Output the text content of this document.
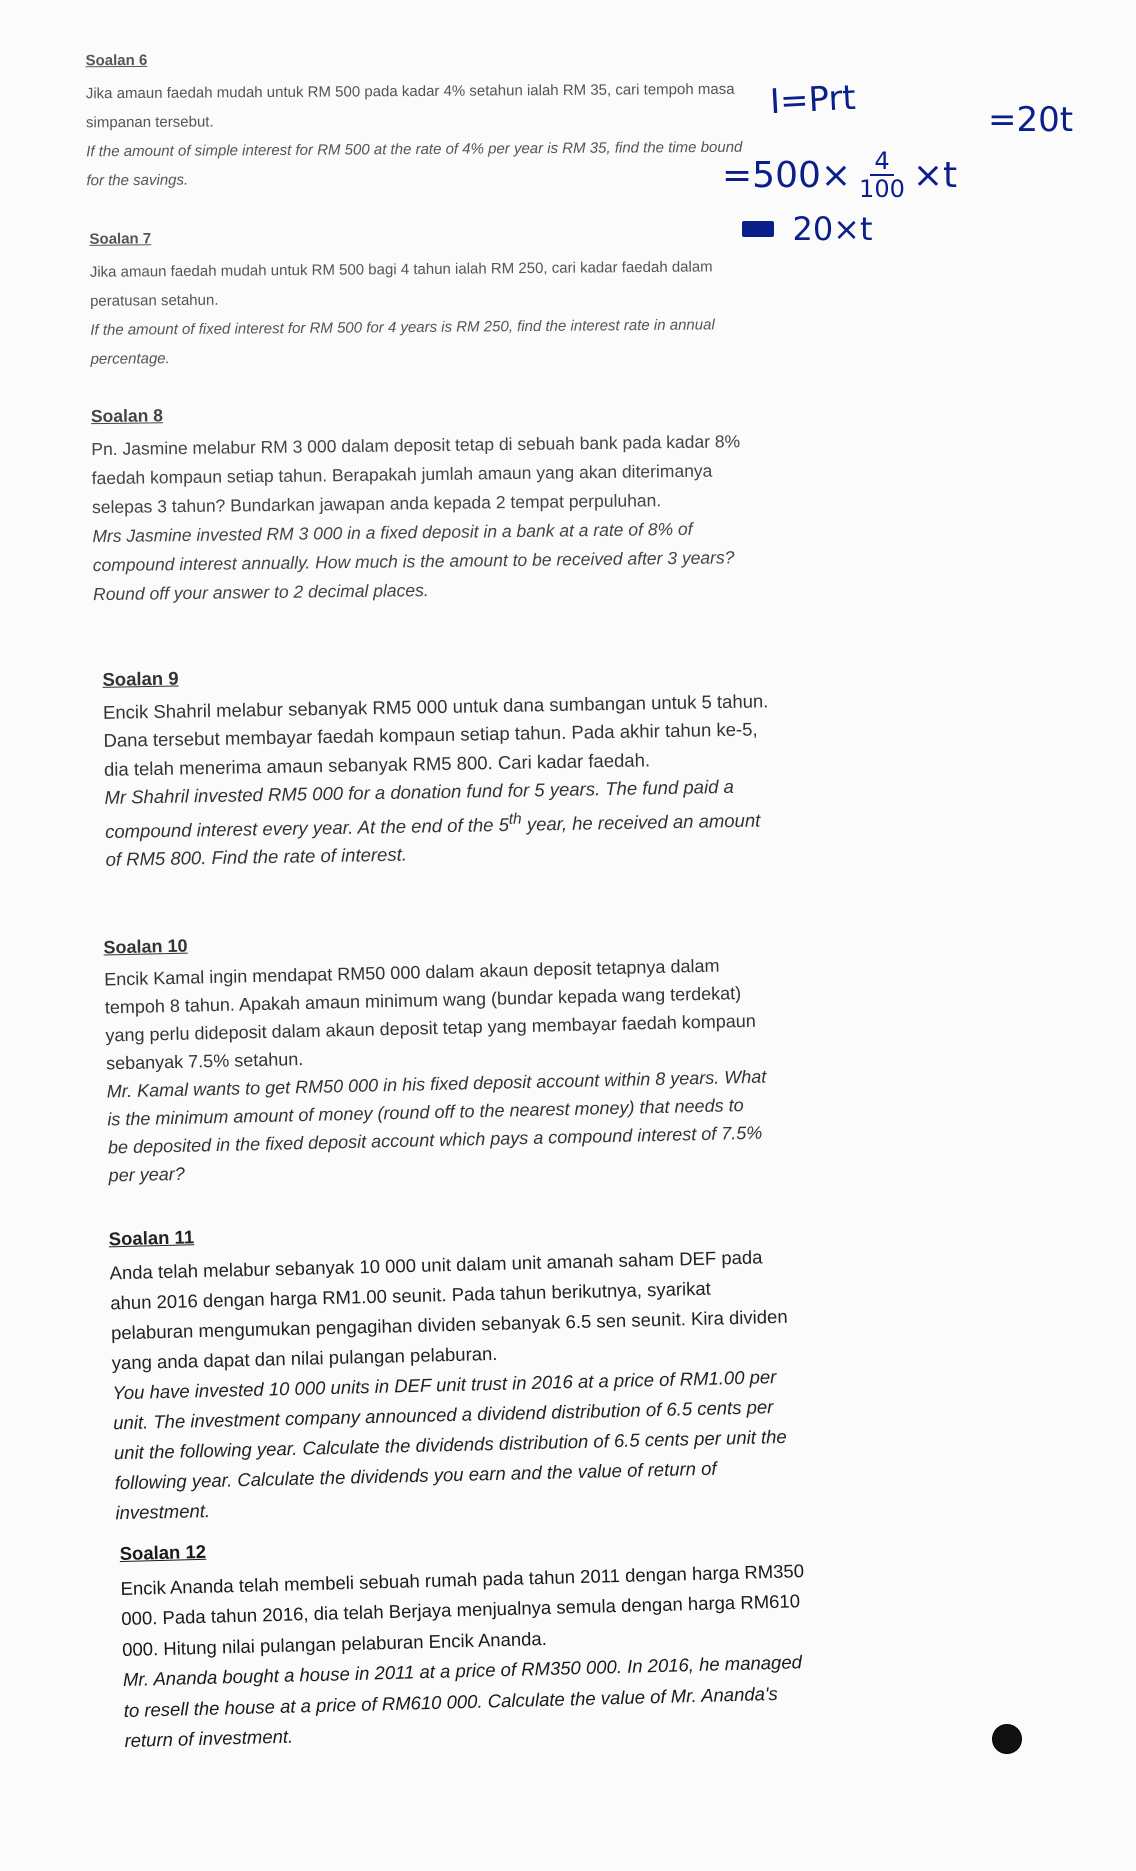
Soalan 6

Jika amaun faedah mudah untuk RM 500 pada kadar 4% setahun ialah RM 35, cari tempoh masa simpanan tersebut.

If the amount of simple interest for RM 500 at the rate of 4% per year is RM 35, find the time bound for the savings.

Soalan 7

Jika amaun faedah mudah untuk RM 500 bagi 4 tahun ialah RM 250, cari kadar faedah dalam peratusan setahun.

If the amount of fixed interest for RM 500 for 4 years is RM 250, find the interest rate in annual percentage.

Soalan 8

Pn. Jasmine melabur RM 3 000 dalam deposit tetap di sebuah bank pada kadar 8% faedah kompaun setiap tahun. Berapakah jumlah amaun yang akan diterimanya selepas 3 tahun? Bundarkan jawapan anda kepada 2 tempat perpuluhan.

Mrs Jasmine invested RM 3 000 in a fixed deposit in a bank at a rate of 8% of compound interest annually. How much is the amount to be received after 3 years? Round off your answer to 2 decimal places.

Soalan 9

Encik Shahril melabur sebanyak RM5 000 untuk dana sumbangan untuk 5 tahun. Dana tersebut membayar faedah kompaun setiap tahun. Pada akhir tahun ke-5, dia telah menerima amaun sebanyak RM5 800. Cari kadar faedah.

Mr Shahril invested RM5 000 for a donation fund for 5 years. The fund paid a compound interest every year. At the end of the 5th year, he received an amount of RM5 800. Find the rate of interest.

Soalan 10

Encik Kamal ingin mendapat RM50 000 dalam akaun deposit tetapnya dalam tempoh 8 tahun. Apakah amaun minimum wang (bundar kepada wang terdekat) yang perlu dideposit dalam akaun deposit tetap yang membayar faedah kompaun sebanyak 7.5% setahun.

Mr. Kamal wants to get RM50 000 in his fixed deposit account within 8 years. What is the minimum amount of money (round off to the nearest money) that needs to be deposited in the fixed deposit account which pays a compound interest of 7.5% per year?

Soalan 11

Anda telah melabur sebanyak 10 000 unit dalam unit amanah saham DEF pada ahun 2016 dengan harga RM1.00 seunit. Pada tahun berikutnya, syarikat pelaburan mengumukan pengagihan dividen sebanyak 6.5 sen seunit. Kira dividen yang anda dapat dan nilai pulangan pelaburan.

You have invested 10 000 units in DEF unit trust in 2016 at a price of RM1.00 per unit. The investment company announced a dividend distribution of 6.5 cents per unit the following year. Calculate the dividends distribution of 6.5 cents per unit the following year. Calculate the dividends you earn and the value of return of investment.

Soalan 12

Encik Ananda telah membeli sebuah rumah pada tahun 2011 dengan harga RM350 000. Pada tahun 2016, dia telah Berjaya menjualnya semula dengan harga RM610 000. Hitung nilai pulangan pelaburan Encik Ananda.

Mr. Ananda bought a house in 2011 at a price of RM350 000. In 2016, he managed to resell the house at a price of RM610 000. Calculate the value of Mr. Ananda's return of investment.

I=Prt	=20t
$=500\times \frac{4}{100} \times t$
20×t
